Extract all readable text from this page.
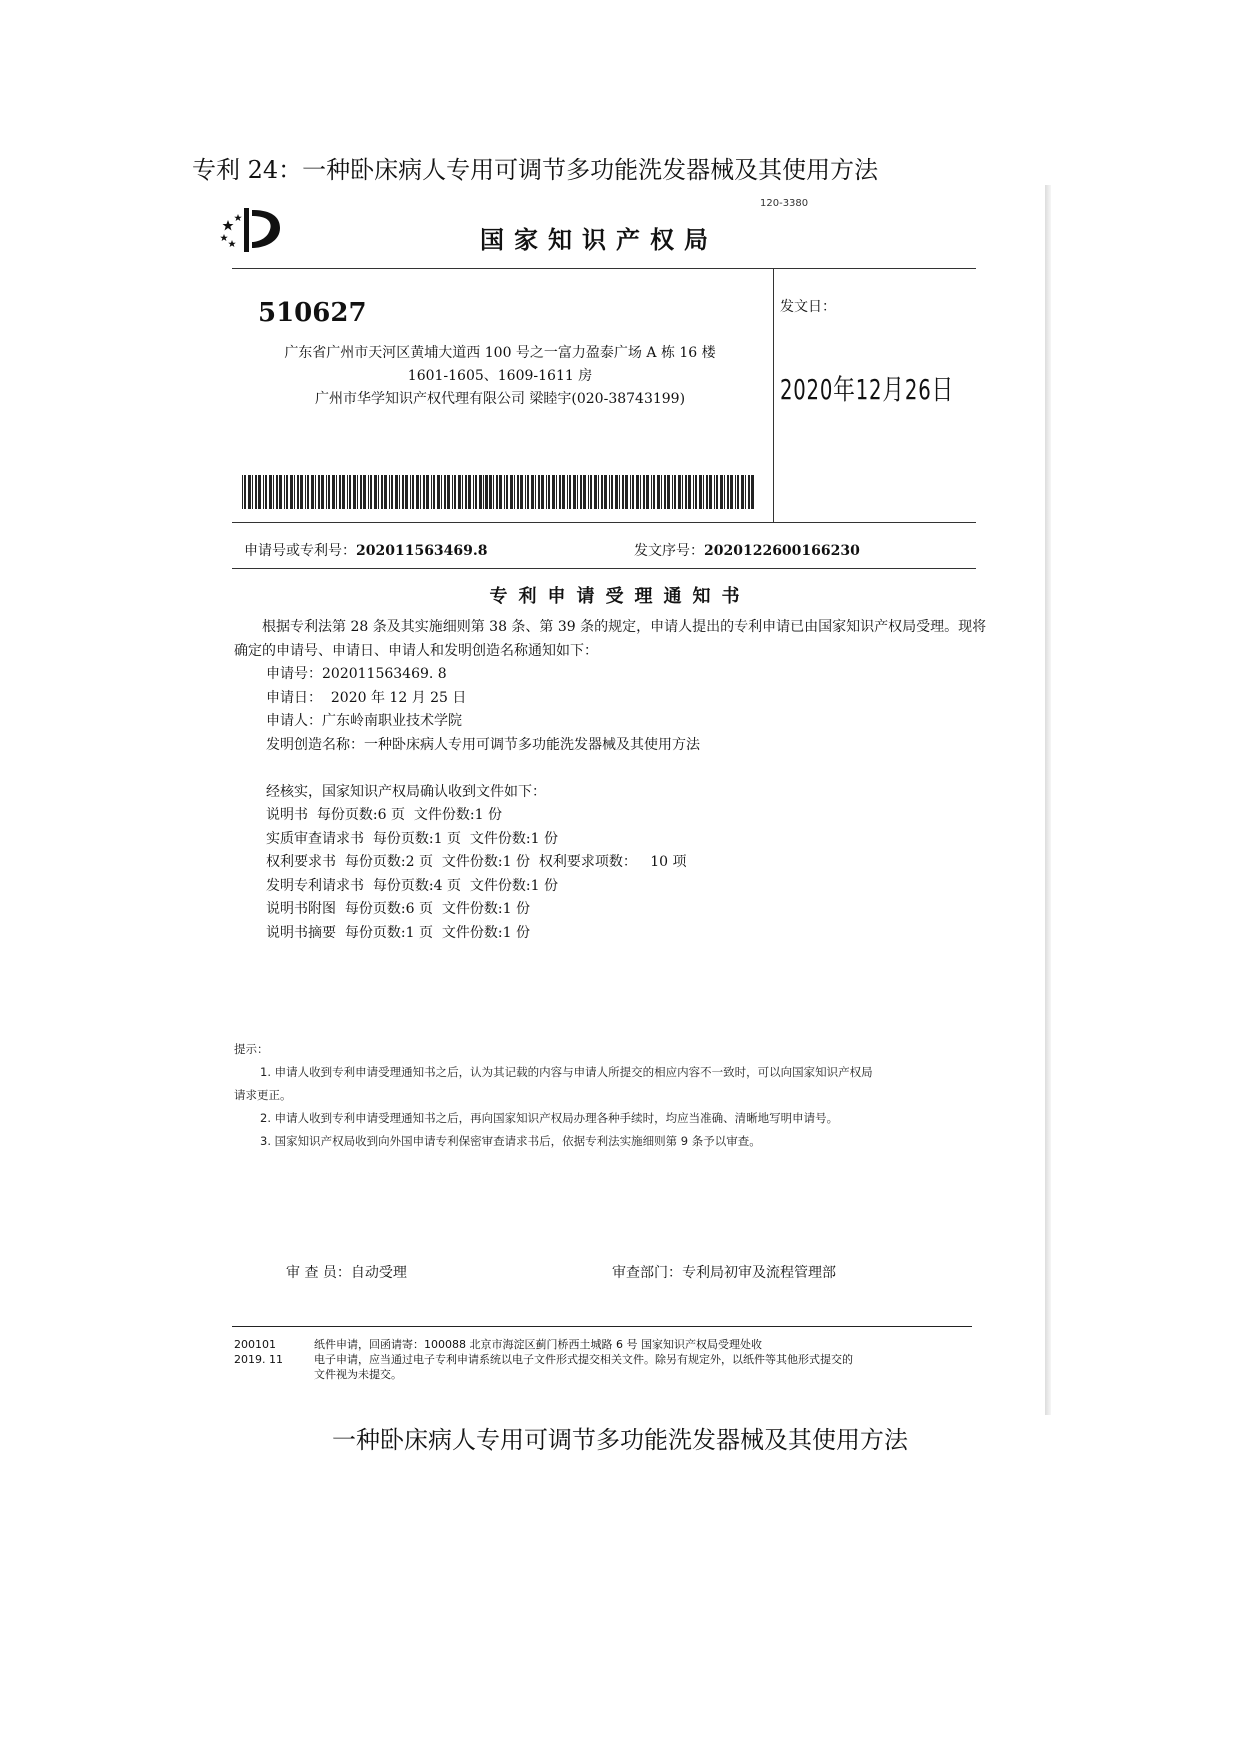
专利 24：一种卧床病人专用可调节多功能洗发器械及其使用方法
120-3380
国家知识产权局
510627
广东省广州市天河区黄埔大道西 100 号之一富力盈泰广场 A 栋 16 楼
1601-1605、1609-1611 房
广州市华学知识产权代理有限公司 梁睦宇(020-38743199)
发文日：
2020年12月26日
申请号或专利号：202011563469.8	发文序号：2020122600166230
专利申请受理通知书
根据专利法第 28 条及其实施细则第 38 条、第 39 条的规定，申请人提出的专利申请已由国家知识产权局受理。现将确定的申请号、申请日、申请人和发明创造名称通知如下：
申请号：202011563469. 8
申请日：  2020 年 12 月 25 日
申请人：广东岭南职业技术学院
发明创造名称：一种卧床病人专用可调节多功能洗发器械及其使用方法
经核实，国家知识产权局确认收到文件如下：
说明书  每份页数:6 页  文件份数:1 份
实质审查请求书  每份页数:1 页  文件份数:1 份
权利要求书  每份页数:2 页  文件份数:1 份  权利要求项数：   10 项
发明专利请求书  每份页数:4 页  文件份数:1 份
说明书附图  每份页数:6 页  文件份数:1 份
说明书摘要  每份页数:1 页  文件份数:1 份
提示：
1. 申请人收到专利申请受理通知书之后，认为其记载的内容与申请人所提交的相应内容不一致时，可以向国家知识产权局
请求更正。
2. 申请人收到专利申请受理通知书之后，再向国家知识产权局办理各种手续时，均应当准确、清晰地写明申请号。
3. 国家知识产权局收到向外国申请专利保密审查请求书后，依据专利法实施细则第 9 条予以审查。
审 查 员：自动受理	审查部门：专利局初审及流程管理部
200101
2019. 11
纸件申请，回函请寄：100088 北京市海淀区蓟门桥西土城路 6 号 国家知识产权局受理处收
电子申请，应当通过电子专利申请系统以电子文件形式提交相关文件。除另有规定外，以纸件等其他形式提交的
文件视为未提交。
一种卧床病人专用可调节多功能洗发器械及其使用方法
